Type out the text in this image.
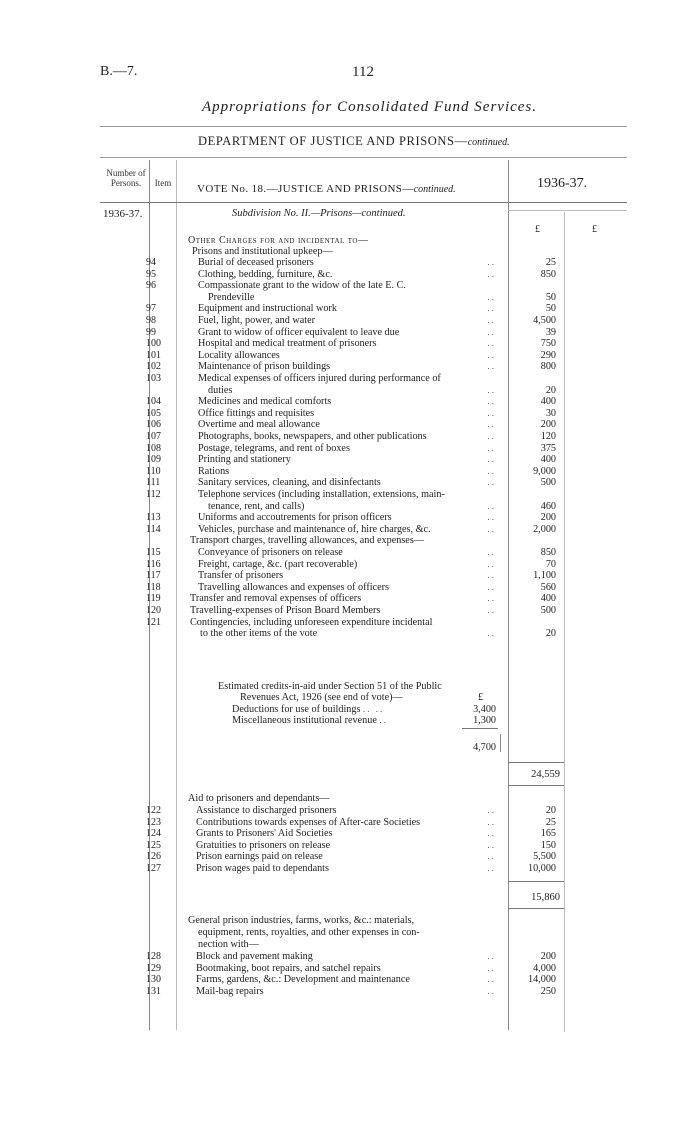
B.—7.	112
Appropriations for Consolidated Fund Services.
DEPARTMENT OF JUSTICE AND PRISONS—continued.
Number of Persons.	Item	VOTE No. 18.—JUSTICE AND PRISONS—continued.	1936-37.
1936-37.	Subdivision No. II.—Prisons—continued.
£	£
Other Charges for and incidental to—
Prisons and institutional upkeep—
94	Burial of deceased prisoners	25
..
95	Clothing, bedding, furniture, &c.	850
..
96	Compassionate grant to the widow of the late E. C.
Prendeville	50
..
97	Equipment and instructional work	50
..
98	Fuel, light, power, and water	4,500
..
99	Grant to widow of officer equivalent to leave due	39
..
100	Hospital and medical treatment of prisoners	750
..
101	Locality allowances	290
..
102	Maintenance of prison buildings	800
..
103	Medical expenses of officers injured during performance of
duties	20
..
104	Medicines and medical comforts	400
..
105	Office fittings and requisites	30
..
106	Overtime and meal allowance	200
..
107	Photographs, books, newspapers, and other publications	120
..
108	Postage, telegrams, and rent of boxes	375
..
109	Printing and stationery	400
..
110	Rations	9,000
..
111	Sanitary services, cleaning, and disinfectants	500
..
112	Telephone services (including installation, extensions, main-
tenance, rent, and calls)	460
..
113	Uniforms and accoutrements for prison officers	200
..
114	Vehicles, purchase and maintenance of, hire charges, &c.	2,000
..
Transport charges, travelling allowances, and expenses—
115	Conveyance of prisoners on release	850
..
116	Freight, cartage, &c. (part recoverable)	70
..
117	Transfer of prisoners	1,100
..
118	Travelling allowances and expenses of officers	560
..
119	Transfer and removal expenses of officers	400
..
120	Travelling-expenses of Prison Board Members	500
..
121	Contingencies, including unforeseen expenditure incidental
to the other items of the vote	20
..
Estimated credits-in-aid under Section 51 of the Public
Revenues Act, 1926 (see end of vote)—	£
Deductions for use of buildings .. ..	3,400
Miscellaneous institutional revenue ..	1,300
4,700
24,559
Aid to prisoners and dependants—
122	Assistance to discharged prisoners	20
..
123	Contributions towards expenses of After-care Societies	25
..
124	Grants to Prisoners' Aid Societies	165
..
125	Gratuities to prisoners on release	150
..
126	Prison earnings paid on release	5,500
..
127	Prison wages paid to dependants	10,000
..
15,860
General prison industries, farms, works, &c.: materials,
equipment, rents, royalties, and other expenses in con-
nection with—
128	Block and pavement making	200
..
129	Bootmaking, boot repairs, and satchel repairs	4,000
..
130	Farms, gardens, &c.: Development and maintenance	14,000
..
131	Mail-bag repairs	250
..
